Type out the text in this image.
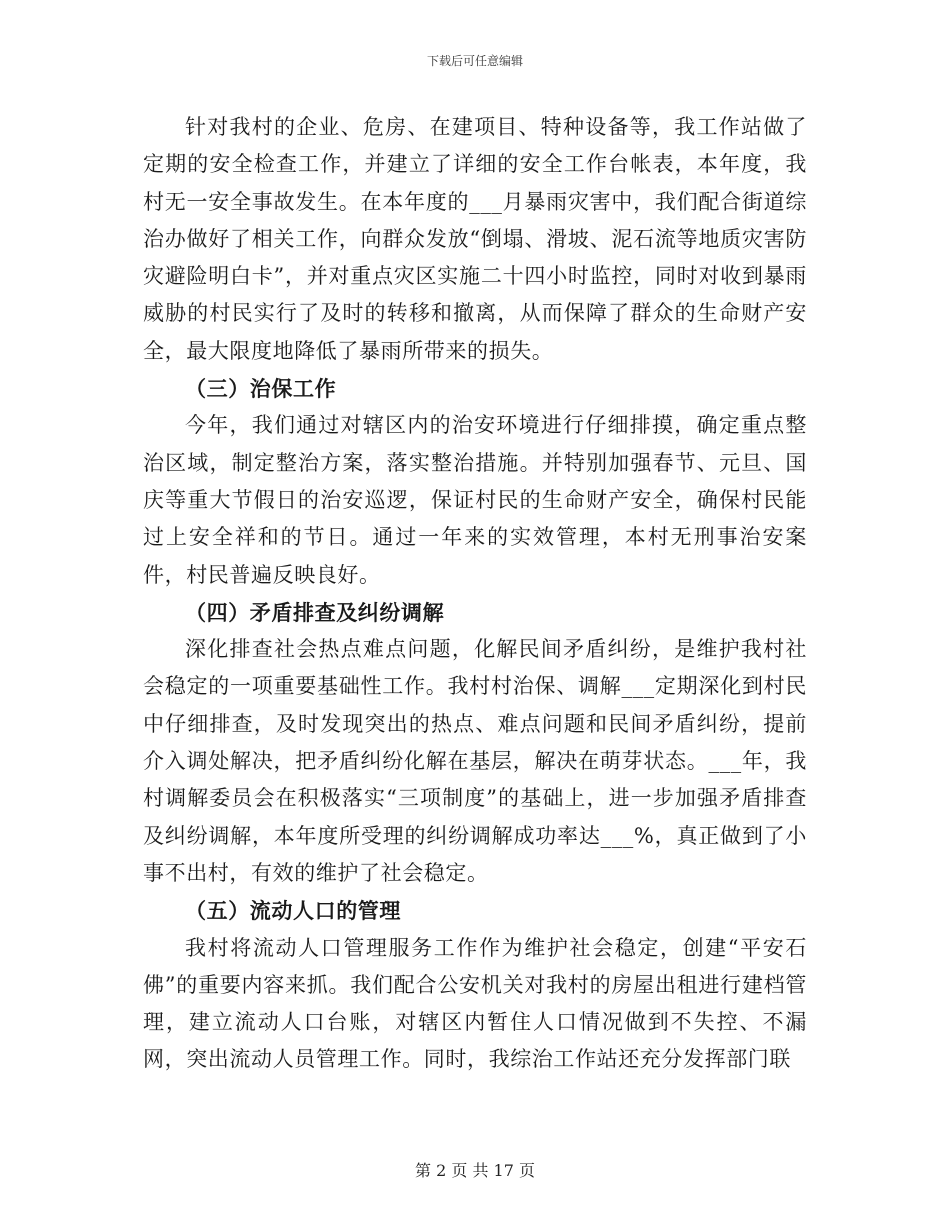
下载后可任意编辑

针对我村的企业、危房、在建项目、特种设备等，我工作站做了定期的安全检查工作，并建立了详细的安全工作台帐表，本年度，我村无一安全事故发生。在本年度的___月暴雨灾害中，我们配合街道综治办做好了相关工作，向群众发放“倒塌、滑坡、泥石流等地质灾害防灾避险明白卡”，并对重点灾区实施二十四小时监控，同时对收到暴雨威胁的村民实行了及时的转移和撤离，从而保障了群众的生命财产安全，最大限度地降低了暴雨所带来的损失。

（三）治保工作

今年，我们通过对辖区内的治安环境进行仔细排摸，确定重点整治区域，制定整治方案，落实整治措施。并特别加强春节、元旦、国庆等重大节假日的治安巡逻，保证村民的生命财产安全，确保村民能过上安全祥和的节日。通过一年来的实效管理，本村无刑事治安案件，村民普遍反映良好。

（四）矛盾排查及纠纷调解

深化排查社会热点难点问题，化解民间矛盾纠纷，是维护我村社会稳定的一项重要基础性工作。我村村治保、调解___定期深化到村民中仔细排查，及时发现突出的热点、难点问题和民间矛盾纠纷，提前介入调处解决，把矛盾纠纷化解在基层，解决在萌芽状态。___年，我村调解委员会在积极落实“三项制度”的基础上，进一步加强矛盾排查及纠纷调解，本年度所受理的纠纷调解成功率达___%，真正做到了小事不出村，有效的维护了社会稳定。

（五）流动人口的管理

我村将流动人口管理服务工作作为维护社会稳定，创建“平安石佛”的重要内容来抓。我们配合公安机关对我村的房屋出租进行建档管理，建立流动人口台账，对辖区内暂住人口情况做到不失控、不漏网，突出流动人员管理工作。同时，我综治工作站还充分发挥部门联

第 2 页 共 17 页
